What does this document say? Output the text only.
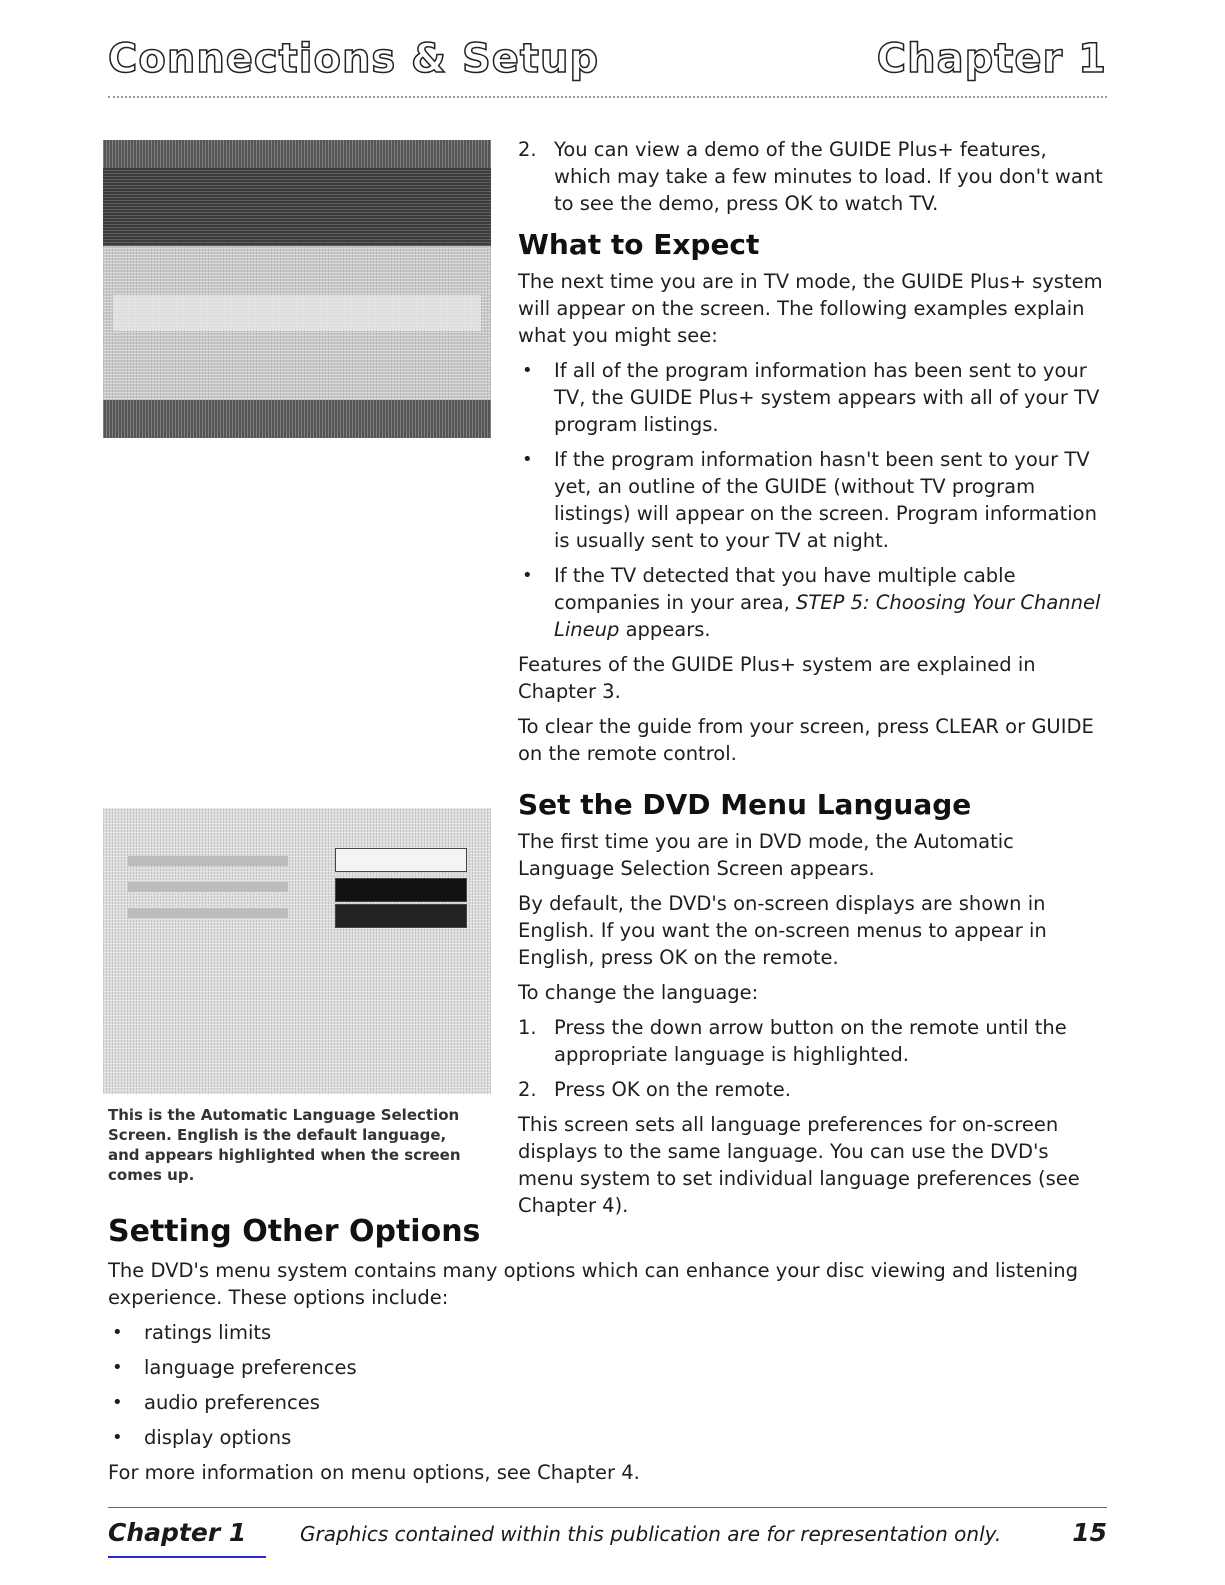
Connections & Setup	Chapter 1
2. You can view a demo of the GUIDE Plus+ features, which may take a few minutes to load. If you don't want to see the demo, press OK to watch TV.
What to Expect

The next time you are in TV mode, the GUIDE Plus+ system will appear on the screen. The following examples explain what you might see:

• If all of the program information has been sent to your TV, the GUIDE Plus+ system appears with all of your TV program listings.
• If the program information hasn't been sent to your TV yet, an outline of the GUIDE (without TV program listings) will appear on the screen. Program information is usually sent to your TV at night.
• If the TV detected that you have multiple cable companies in your area, STEP 5: Choosing Your Channel Lineup appears.

Features of the GUIDE Plus+ system are explained in Chapter 3.

To clear the guide from your screen, press CLEAR or GUIDE on the remote control.

Set the DVD Menu Language

The first time you are in DVD mode, the Automatic Language Selection Screen appears.

By default, the DVD's on-screen displays are shown in English. If you want the on-screen menus to appear in English, press OK on the remote.

To change the language:

1. Press the down arrow button on the remote until the appropriate language is highlighted.
2. Press OK on the remote.

This screen sets all language preferences for on-screen displays to the same language. You can use the DVD's menu system to set individual language preferences (see Chapter 4).

This is the Automatic Language Selection Screen. English is the default language, and appears highlighted when the screen comes up.
Setting Other Options

The DVD's menu system contains many options which can enhance your disc viewing and listening experience. These options include:

• ratings limits
• language preferences
• audio preferences
• display options

For more information on menu options, see Chapter 4.

Chapter 1	Graphics contained within this publication are for representation only.	15
